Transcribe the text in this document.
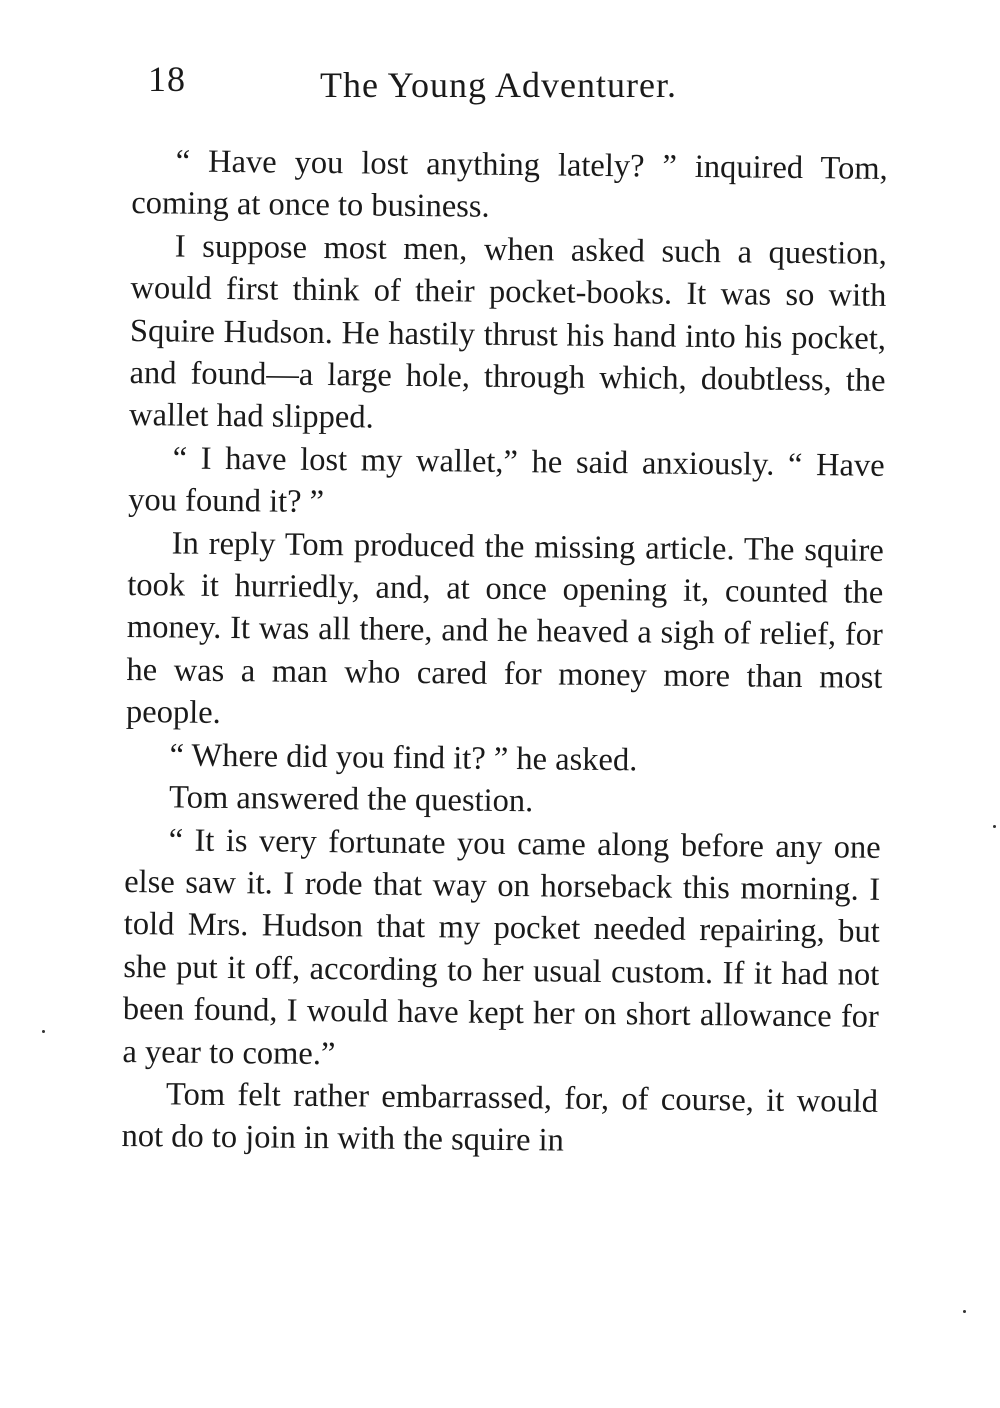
18	The Young Adventurer.

“ Have you lost anything lately? ” inquired Tom, coming at once to business.

I suppose most men, when asked such a question, would first think of their pocket-books. It was so with Squire Hudson. He hastily thrust his hand into his pocket, and found—a large hole, through which, doubtless, the wallet had slipped.

“ I have lost my wallet,” he said anxiously. “ Have you found it? ”

In reply Tom produced the missing article. The squire took it hurriedly, and, at once opening it, counted the money. It was all there, and he heaved a sigh of relief, for he was a man who cared for money more than most people.

“ Where did you find it? ” he asked.

Tom answered the question.

“ It is very fortunate you came along before any one else saw it. I rode that way on horseback this morning. I told Mrs. Hudson that my pocket needed repairing, but she put it off, according to her usual custom. If it had not been found, I would have kept her on short allowance for a year to come.”

Tom felt rather embarrassed, for, of course, it would not do to join in with the squire in
